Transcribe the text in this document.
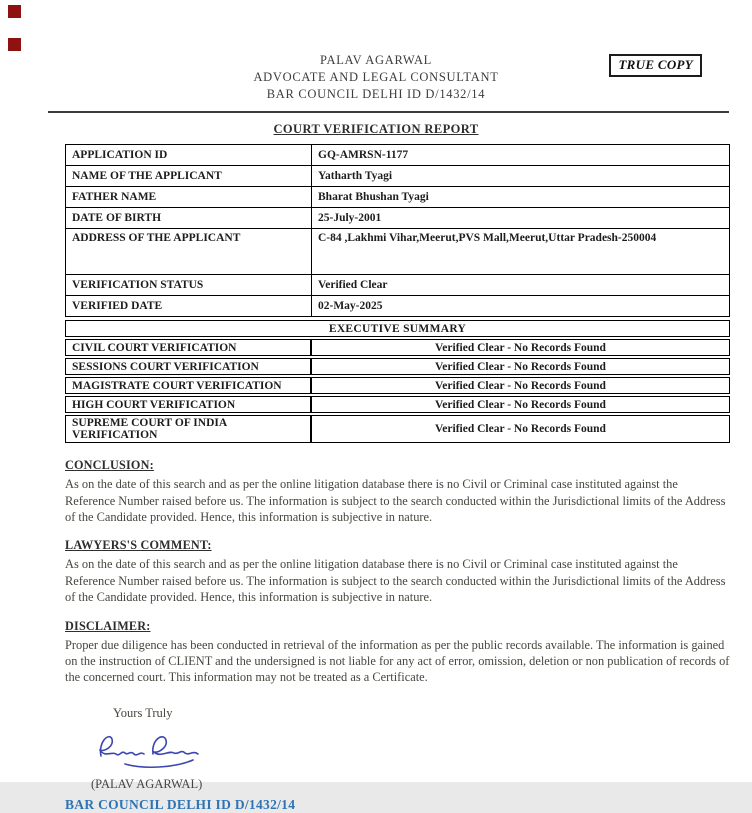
TRUE COPY
PALAV AGARWAL
ADVOCATE AND LEGAL CONSULTANT
BAR COUNCIL DELHI ID D/1432/14
COURT VERIFICATION REPORT
APPLICATION ID	GQ-AMRSN-1177
NAME OF THE APPLICANT	Yatharth Tyagi
FATHER NAME	Bharat Bhushan Tyagi
DATE OF BIRTH	25-July-2001
ADDRESS OF THE APPLICANT	C-84 ,Lakhmi Vihar,Meerut,PVS Mall,Meerut,Uttar Pradesh-250004
VERIFICATION STATUS	Verified Clear
VERIFIED DATE	02-May-2025
EXECUTIVE SUMMARY	
CIVIL COURT VERIFICATION	Verified Clear - No Records Found
SESSIONS COURT VERIFICATION	Verified Clear - No Records Found
MAGISTRATE COURT VERIFICATION	Verified Clear - No Records Found
HIGH COURT VERIFICATION	Verified Clear - No Records Found
SUPREME COURT OF INDIA VERIFICATION	Verified Clear - No Records Found
CONCLUSION:
As on the date of this search and as per the online litigation database there is no Civil or Criminal case instituted against the Reference Number raised before us. The information is subject to the search conducted within the Jurisdictional limits of the Address of the Candidate provided. Hence, this information is subjective in nature.
LAWYERS'S COMMENT:
As on the date of this search and as per the online litigation database there is no Civil or Criminal case instituted against the Reference Number raised before us. The information is subject to the search conducted within the Jurisdictional limits of the Address of the Candidate provided. Hence, this information is subjective in nature.
DISCLAIMER:
Proper due diligence has been conducted in retrieval of the information as per the public records available. The information is gained on the instruction of CLIENT and the undersigned is not liable for any act of error, omission, deletion or non publication of records of the concerned court. This information may not be treated as a Certificate.
Yours Truly
(PALAV AGARWAL)
BAR COUNCIL DELHI ID D/1432/14
